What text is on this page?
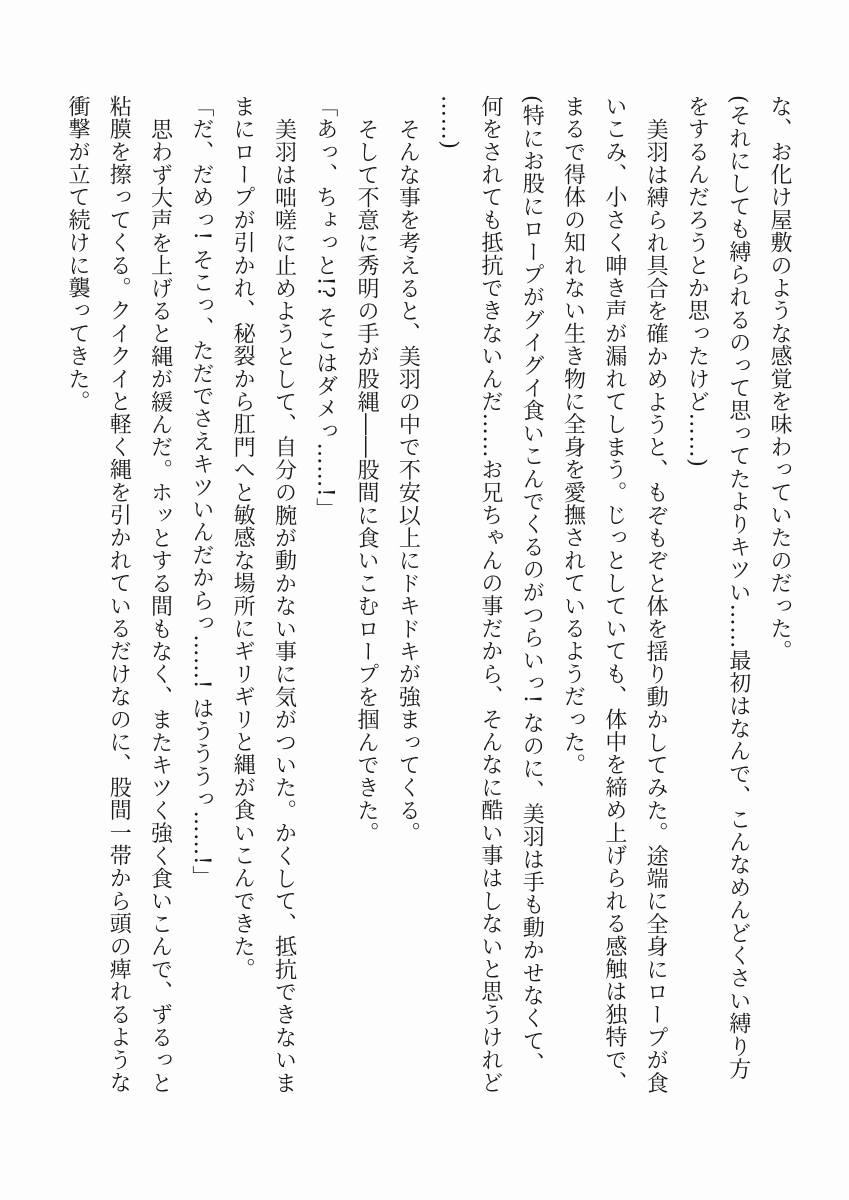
な、お化け屋敷のような感覚を味わっていたのだった。

(それにしても縛られるのって思ってたよりキツい……最初はなんで、こんなめんどくさい縛り方

をするんだろうとか思ったけど……)

美羽は縛られ具合を確かめようと、もぞもぞと体を揺り動かしてみた。途端に全身にロープが食

いこみ、小さく呻き声が漏れてしまう。じっとしていても、体中を締め上げられる感触は独特で、

まるで得体の知れない生き物に全身を愛撫されているようだった。

(特にお股にロープがグイグイ食いこんでくるのがつらいっ! なのに、美羽は手も動かせなくて、

何をされても抵抗できないんだ……お兄ちゃんの事だから、そんなに酷い事はしないと思うけれど

……)

そんな事を考えると、美羽の中で不安以上にドキドキが強まってくる。

そして不意に秀明の手が股縄――股間に食いこむロープを掴んできた。

「あっ、ちょっと!? そこはダメっ……!」

美羽は咄嗟に止めようとして、自分の腕が動かない事に気がついた。かくして、抵抗できないま

まにロープが引かれ、秘裂から肛門へと敏感な場所にギリギリと縄が食いこんできた。

「だ、だめっ! そこっ、ただでさえキツいんだからっ……! はうううっ……!」

思わず大声を上げると縄が緩んだ。ホッとする間もなく、またキツく強く食いこんで、ずるっと

粘膜を擦ってくる。クイクイと軽く縄を引かれているだけなのに、股間一帯から頭の痺れるような

衝撃が立て続けに襲ってきた。
